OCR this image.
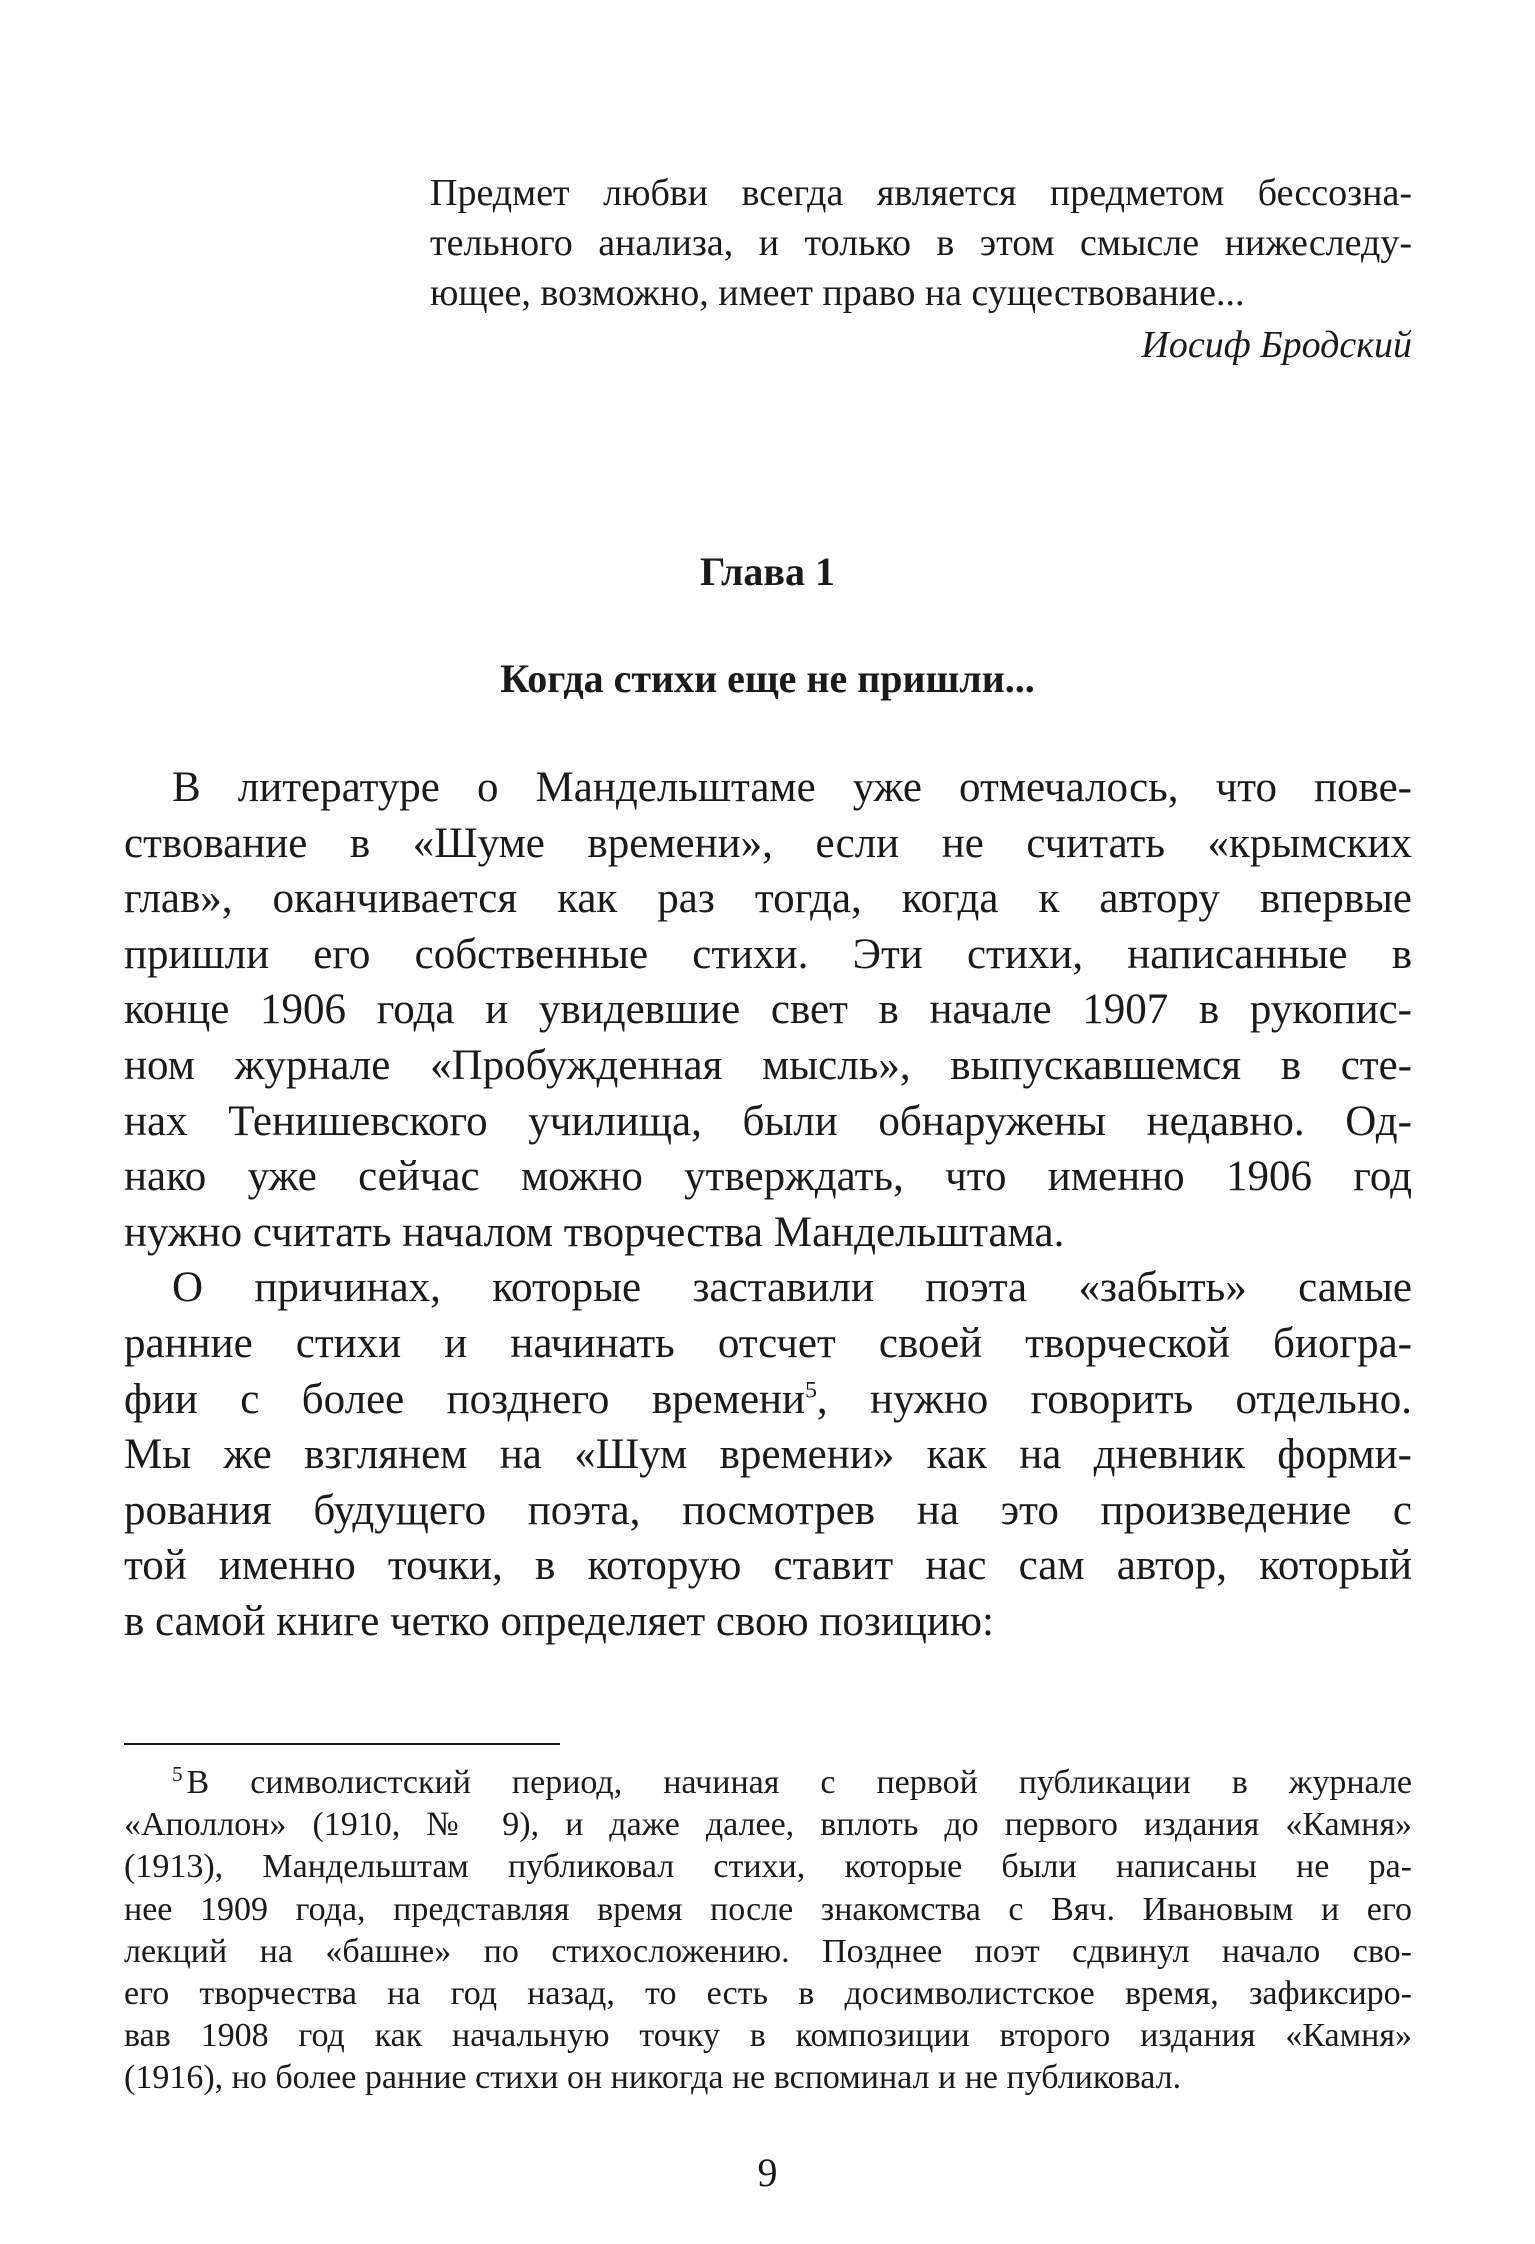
Предмет любви всегда является предметом бессозна-
тельного анализа, и только в этом смысле нижеследу-
ющее, возможно, имеет право на существование...
Иосиф Бродский
Глава 1
Когда стихи еще не пришли...
В литературе о Мандельштаме уже отмечалось, что пове-
ствование в «Шуме времени», если не считать «крымских
глав», оканчивается как раз тогда, когда к автору впервые
пришли его собственные стихи. Эти стихи, написанные в
конце 1906 года и увидевшие свет в начале 1907 в рукопис-
ном журнале «Пробужденная мысль», выпускавшемся в сте-
нах Тенишевского училища, были обнаружены недавно. Од-
нако уже сейчас можно утверждать, что именно 1906 год
нужно считать началом творчества Мандельштама.
О причинах, которые заставили поэта «забыть» самые
ранние стихи и начинать отсчет своей творческой биогра-
фии с более позднего времени$^5$, нужно говорить отдельно.
Мы же взглянем на «Шум времени» как на дневник форми-
рования будущего поэта, посмотрев на это произведение с
той именно точки, в которую ставит нас сам автор, который
в самой книге четко определяет свою позицию:
$^5$ В символистский период, начиная с первой публикации в журнале
«Аполлон» (1910, № 9), и даже далее, вплоть до первого издания «Камня»
(1913), Мандельштам публиковал стихи, которые были написаны не ра-
нее 1909 года, представляя время после знакомства с Вяч. Ивановым и его
лекций на «башне» по стихосложению. Позднее поэт сдвинул начало сво-
его творчества на год назад, то есть в досимволистское время, зафиксиро-
вав 1908 год как начальную точку в композиции второго издания «Камня»
(1916), но более ранние стихи он никогда не вспоминал и не публиковал.
9
